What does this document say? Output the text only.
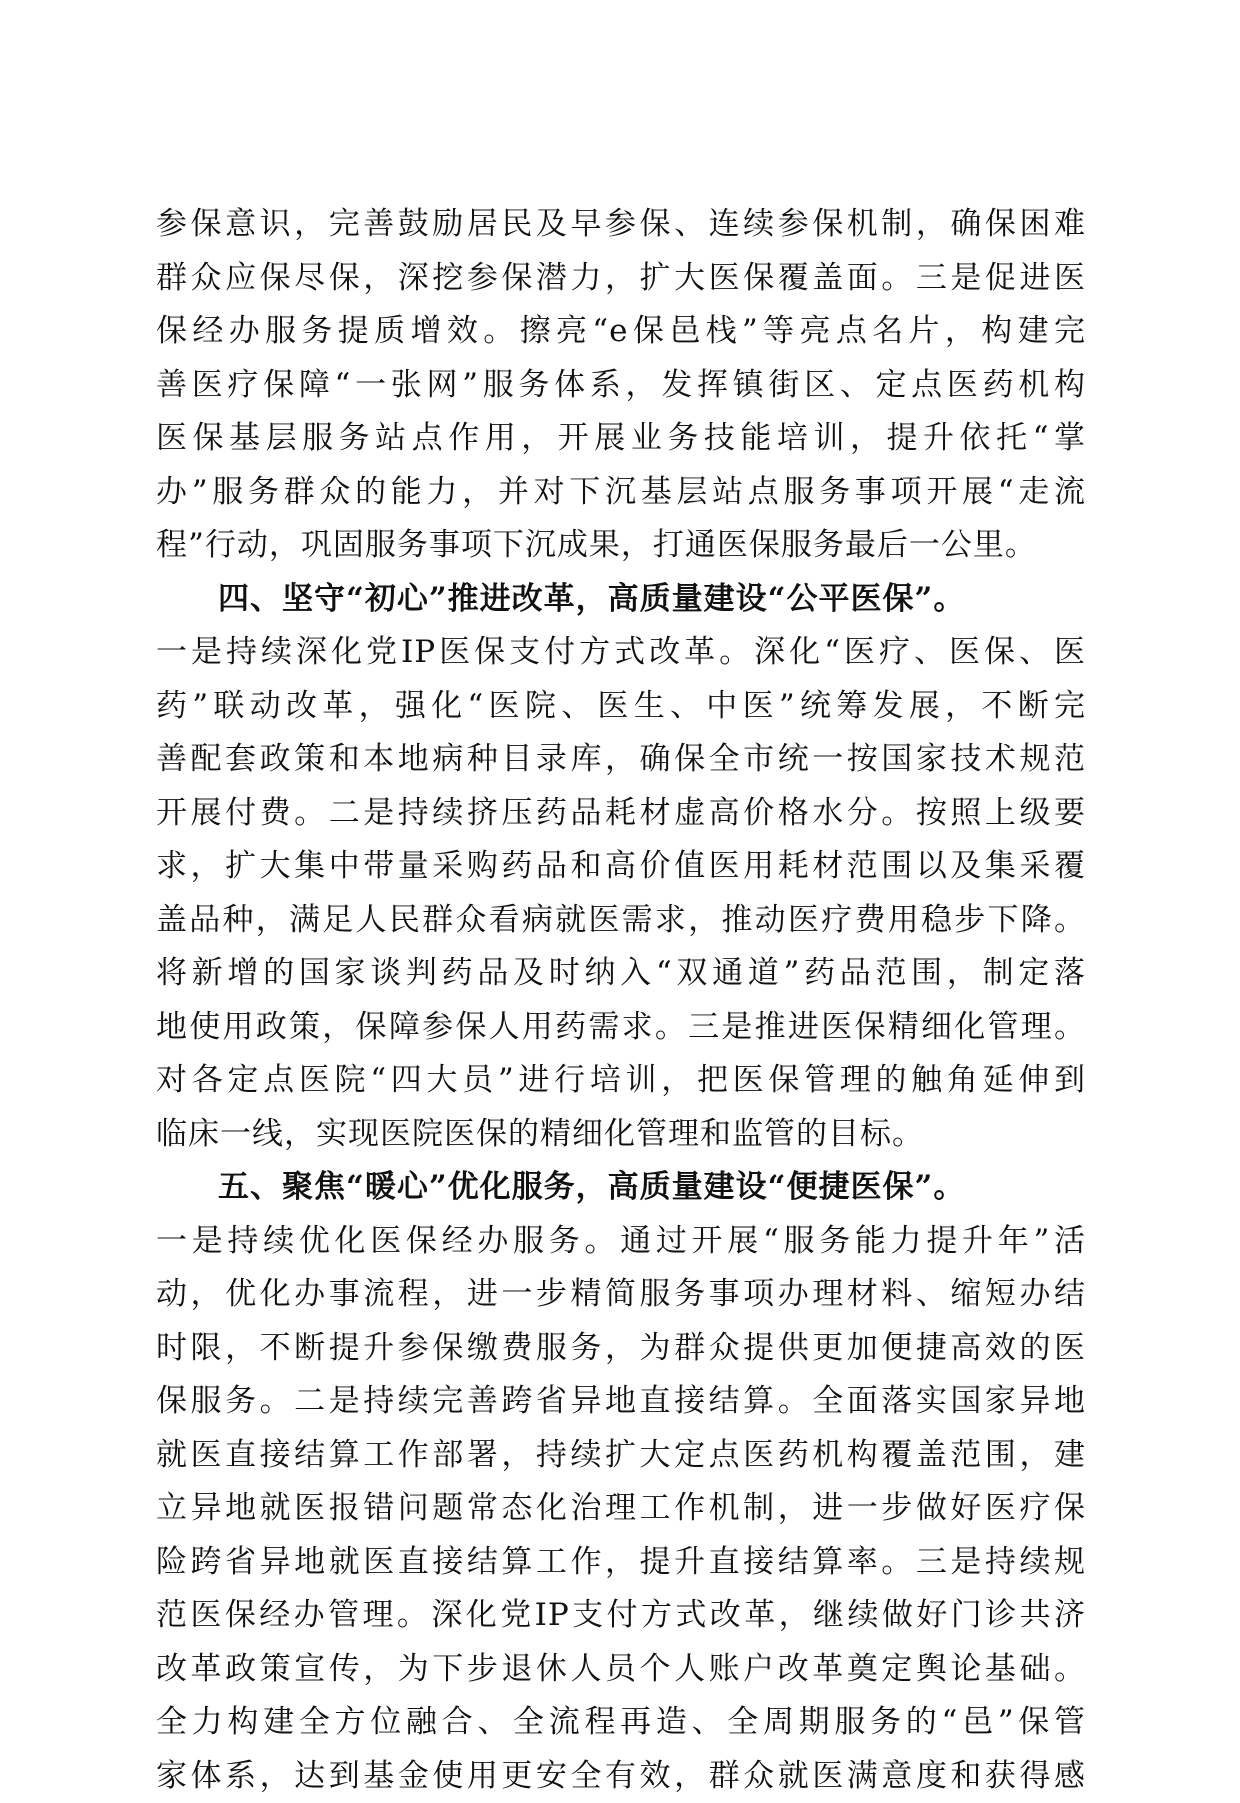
参保意识，完善鼓励居民及早参保、连续参保机制，确保困难
群众应保尽保，深挖参保潜力，扩大医保覆盖面。三是促进医
保经办服务提质增效。擦亮“e保邑栈”等亮点名片，构建完
善医疗保障“一张网”服务体系，发挥镇街区、定点医药机构
医保基层服务站点作用，开展业务技能培训，提升依托“掌
办”服务群众的能力，并对下沉基层站点服务事项开展“走流
程”行动，巩固服务事项下沉成果，打通医保服务最后一公里。
四、坚守“初心”推进改革，高质量建设“公平医保”。
一是持续深化党IP医保支付方式改革。深化“医疗、医保、医
药”联动改革，强化“医院、医生、中医”统筹发展，不断完
善配套政策和本地病种目录库，确保全市统一按国家技术规范
开展付费。二是持续挤压药品耗材虚高价格水分。按照上级要
求，扩大集中带量采购药品和高价值医用耗材范围以及集采覆
盖品种，满足人民群众看病就医需求，推动医疗费用稳步下降。
将新增的国家谈判药品及时纳入“双通道”药品范围，制定落
地使用政策，保障参保人用药需求。三是推进医保精细化管理。
对各定点医院“四大员”进行培训，把医保管理的触角延伸到
临床一线，实现医院医保的精细化管理和监管的目标。
五、聚焦“暖心”优化服务，高质量建设“便捷医保”。
一是持续优化医保经办服务。通过开展“服务能力提升年”活
动，优化办事流程，进一步精简服务事项办理材料、缩短办结
时限，不断提升参保缴费服务，为群众提供更加便捷高效的医
保服务。二是持续完善跨省异地直接结算。全面落实国家异地
就医直接结算工作部署，持续扩大定点医药机构覆盖范围，建
立异地就医报错问题常态化治理工作机制，进一步做好医疗保
险跨省异地就医直接结算工作，提升直接结算率。三是持续规
范医保经办管理。深化党IP支付方式改革，继续做好门诊共济
改革政策宣传，为下步退休人员个人账户改革奠定舆论基础。
全力构建全方位融合、全流程再造、全周期服务的“邑”保管
家体系，达到基金使用更安全有效，群众就医满意度和获得感
